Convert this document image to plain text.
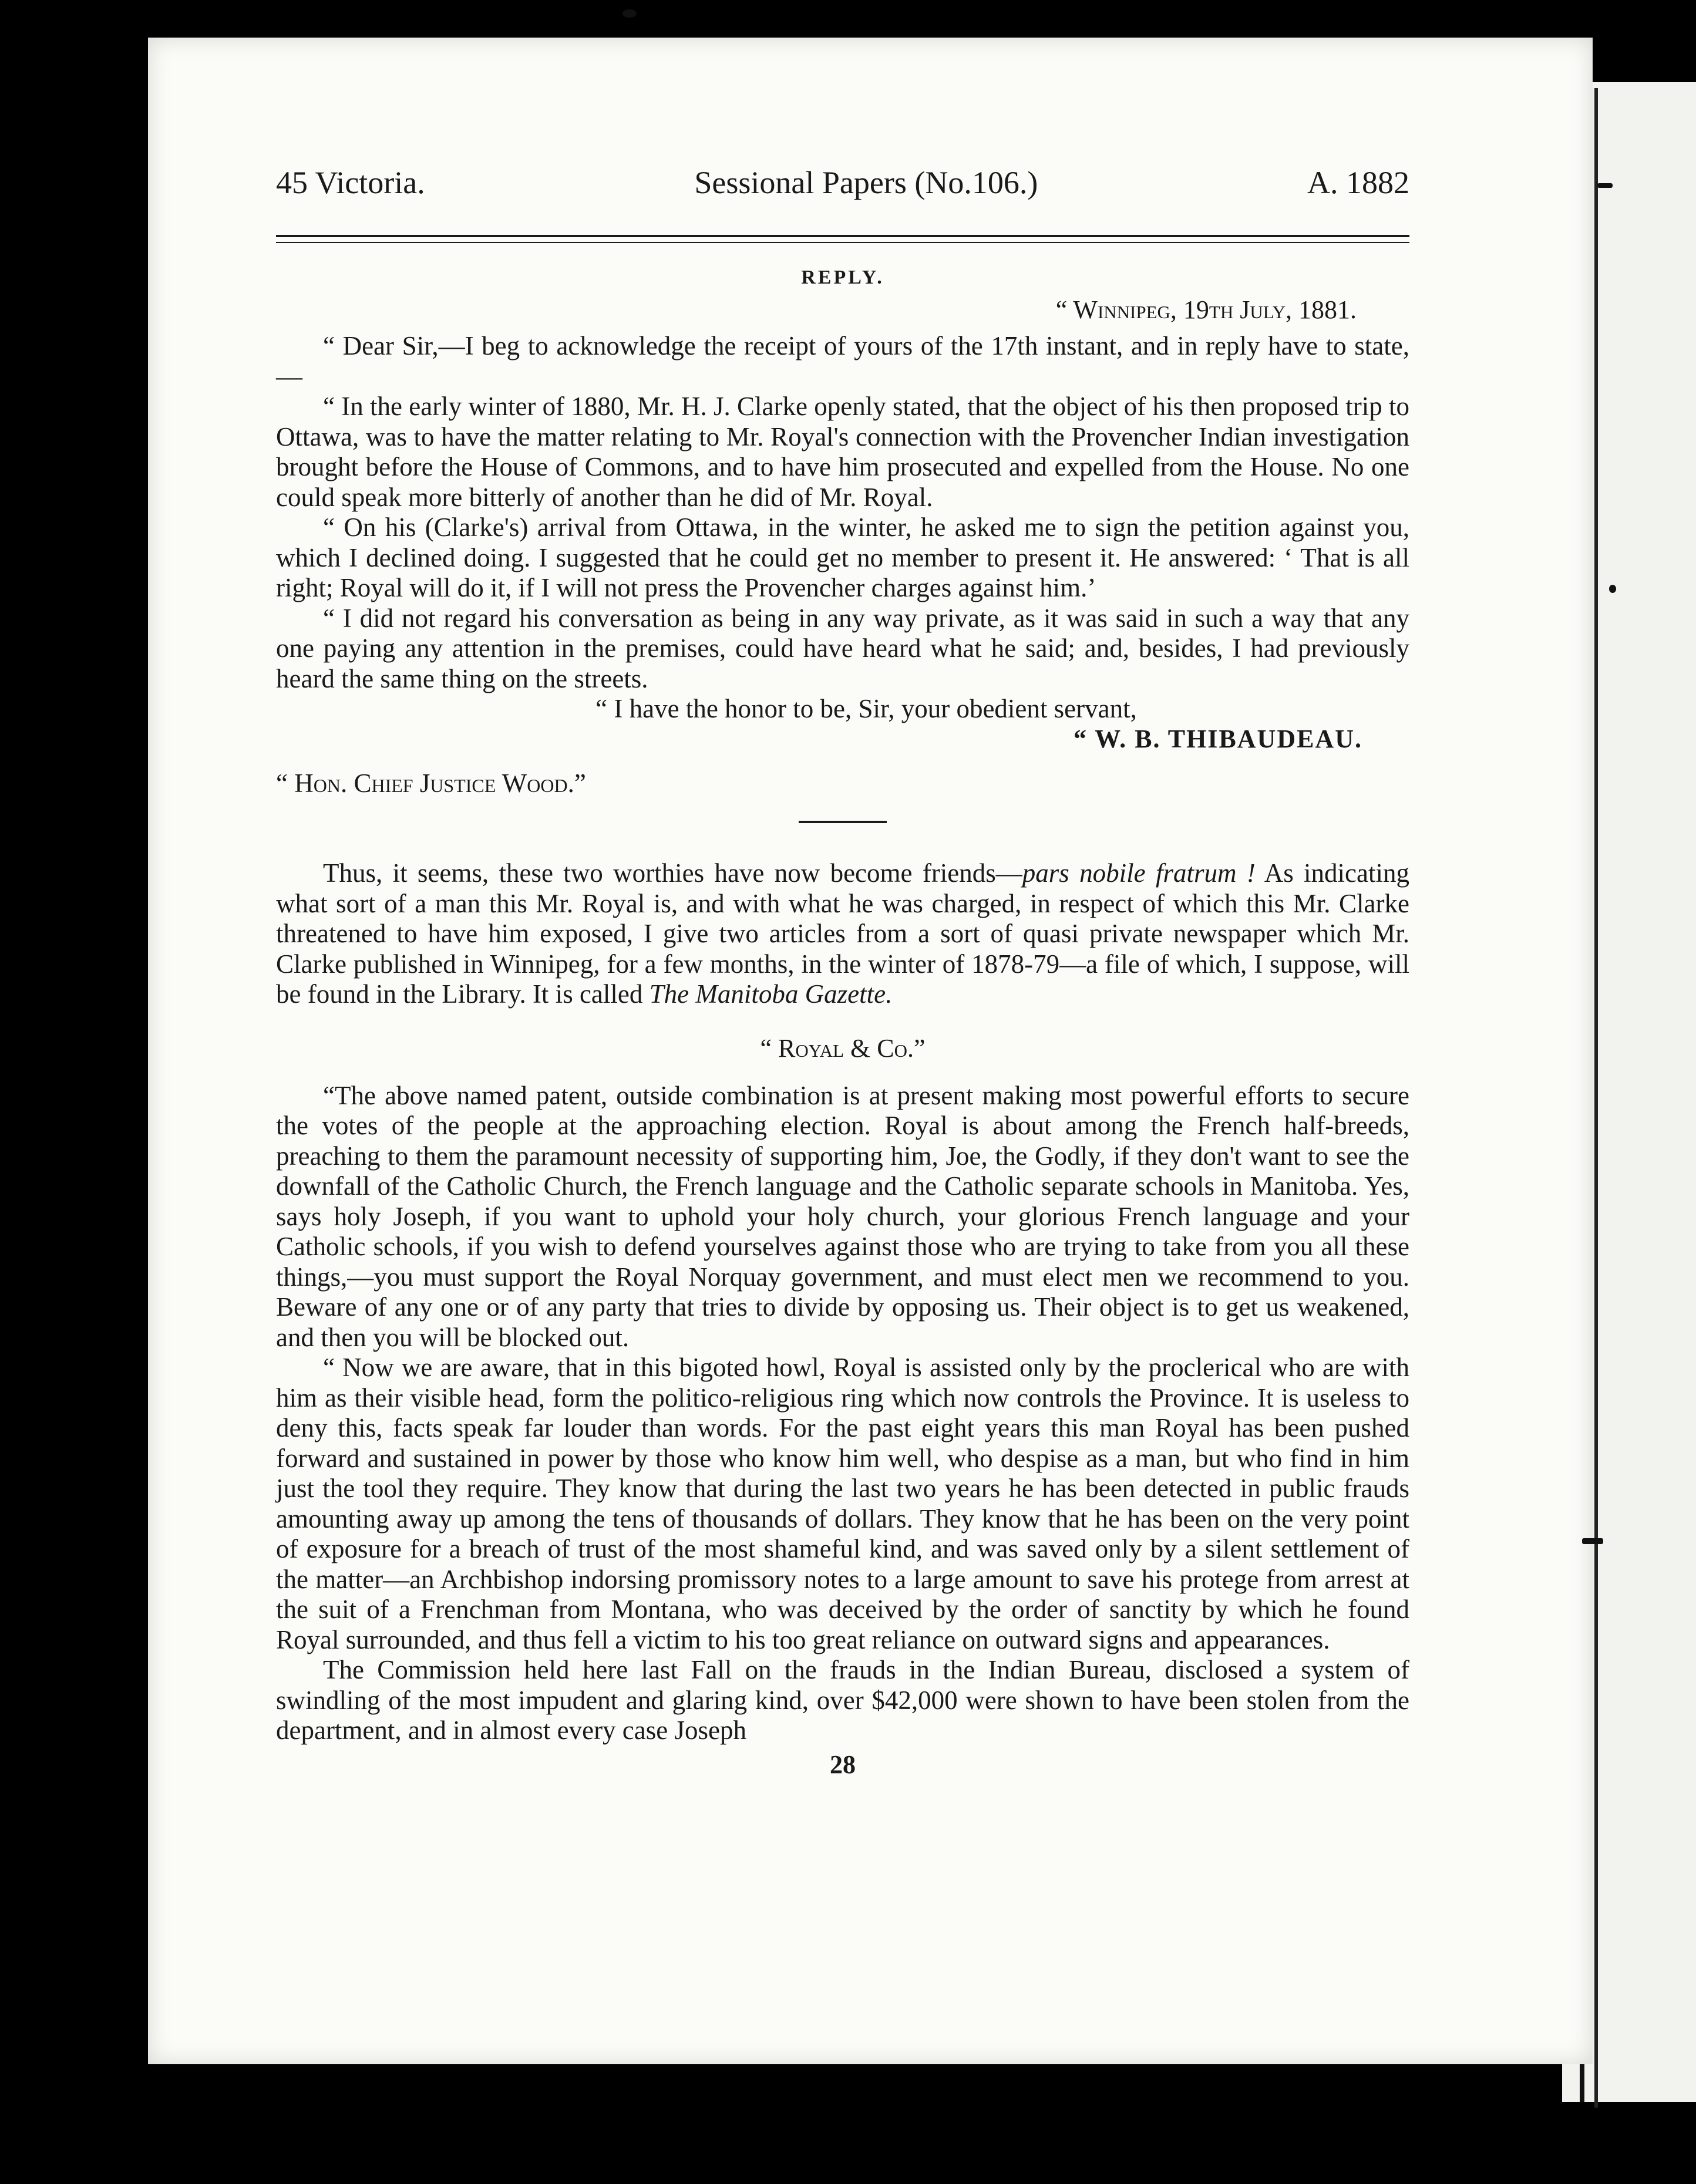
45 Victoria.	Sessional Papers (No.106.)	A. 1882
REPLY.
“ Winnipeg, 19th July, 1881.

“ Dear Sir,—I beg to acknowledge the receipt of yours of the 17th instant, and in reply have to state,—

“ In the early winter of 1880, Mr. H. J. Clarke openly stated, that the object of his then proposed trip to Ottawa, was to have the matter relating to Mr. Royal's connection with the Provencher Indian investigation brought before the House of Commons, and to have him prosecuted and expelled from the House. No one could speak more bitterly of another than he did of Mr. Royal.

“ On his (Clarke's) arrival from Ottawa, in the winter, he asked me to sign the petition against you, which I declined doing. I suggested that he could get no member to present it. He answered: ‘ That is all right; Royal will do it, if I will not press the Provencher charges against him.’

“ I did not regard his conversation as being in any way private, as it was said in such a way that any one paying any attention in the premises, could have heard what he said; and, besides, I had previously heard the same thing on the streets.

“ I have the honor to be, Sir, your obedient servant,
“ W. B. THIBAUDEAU.
“ Hon. Chief Justice Wood.”

Thus, it seems, these two worthies have now become friends—pars nobile fratrum ! As indicating what sort of a man this Mr. Royal is, and with what he was charged, in respect of which this Mr. Clarke threatened to have him exposed, I give two articles from a sort of quasi private newspaper which Mr. Clarke published in Winnipeg, for a few months, in the winter of 1878-79—a file of which, I suppose, will be found in the Library. It is called The Manitoba Gazette.

“ Royal & Co.”

“The above named patent, outside combination is at present making most powerful efforts to secure the votes of the people at the approaching election. Royal is about among the French half-breeds, preaching to them the paramount necessity of supporting him, Joe, the Godly, if they don't want to see the downfall of the Catholic Church, the French language and the Catholic separate schools in Manitoba. Yes, says holy Joseph, if you want to uphold your holy church, your glorious French language and your Catholic schools, if you wish to defend yourselves against those who are trying to take from you all these things,—you must support the Royal Norquay government, and must elect men we recommend to you. Beware of any one or of any party that tries to divide by opposing us. Their object is to get us weakened, and then you will be blocked out.

“ Now we are aware, that in this bigoted howl, Royal is assisted only by the proclerical who are with him as their visible head, form the politico-religious ring which now controls the Province. It is useless to deny this, facts speak far louder than words. For the past eight years this man Royal has been pushed forward and sustained in power by those who know him well, who despise as a man, but who find in him just the tool they require. They know that during the last two years he has been detected in public frauds amounting away up among the tens of thousands of dollars. They know that he has been on the very point of exposure for a breach of trust of the most shameful kind, and was saved only by a silent settlement of the matter—an Archbishop indorsing promissory notes to a large amount to save his protege from arrest at the suit of a Frenchman from Montana, who was deceived by the order of sanctity by which he found Royal surrounded, and thus fell a victim to his too great reliance on outward signs and appearances.

The Commission held here last Fall on the frauds in the Indian Bureau, disclosed a system of swindling of the most impudent and glaring kind, over $42,000 were shown to have been stolen from the department, and in almost every case Joseph

28
